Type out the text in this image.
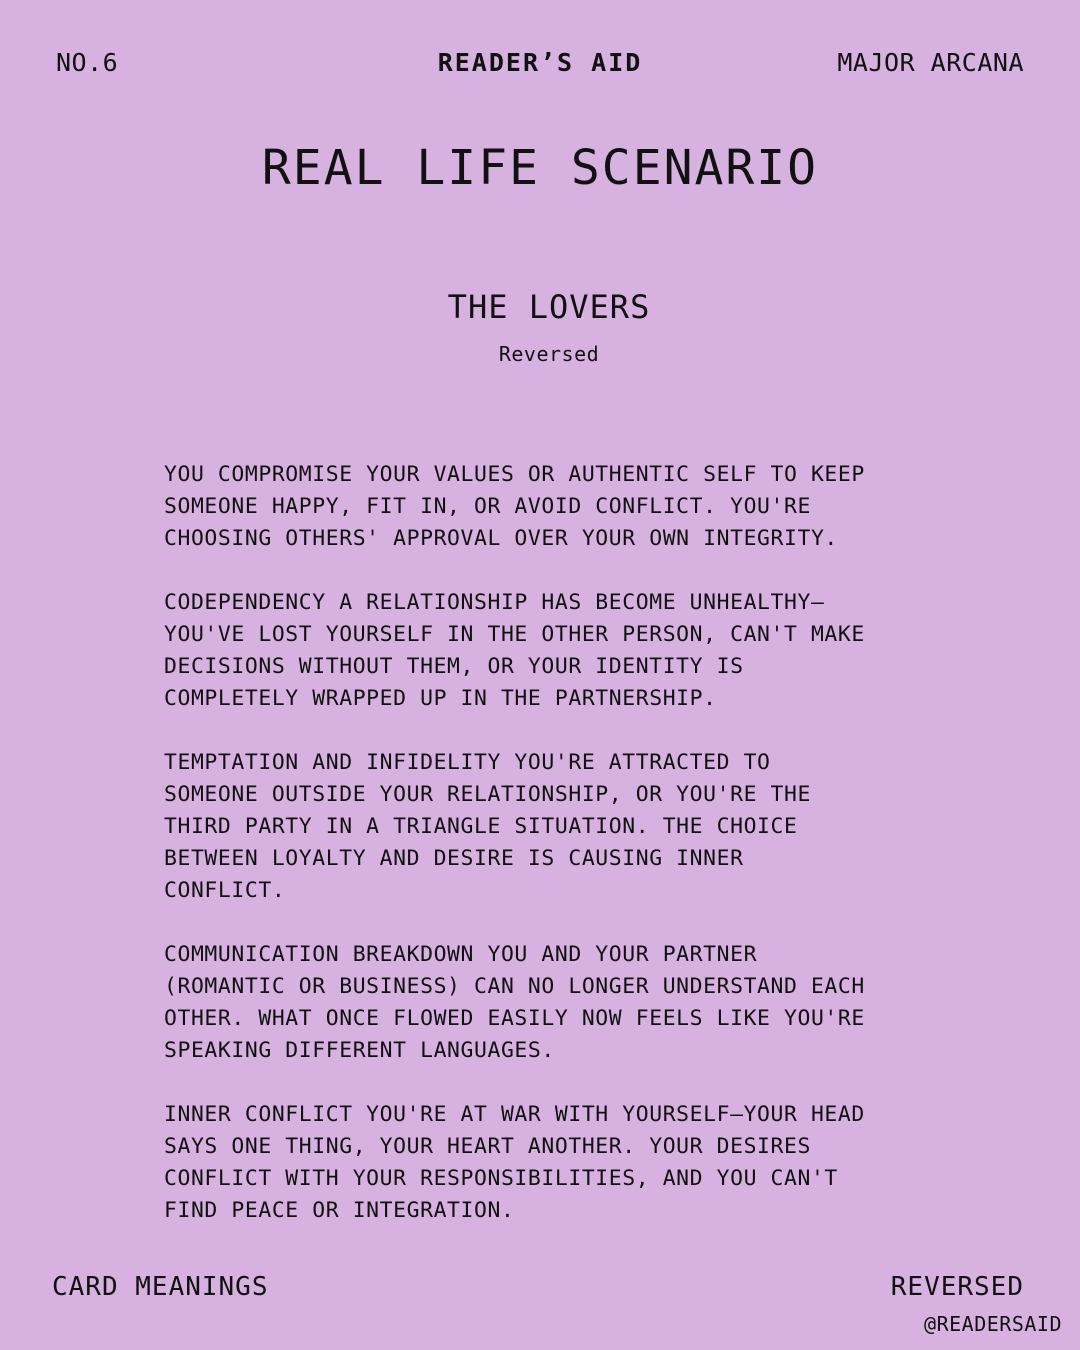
NO.6	READER’S AID	MAJOR ARCANA
REAL LIFE SCENARIO
THE LOVERS
Reversed
YOU COMPROMISE YOUR VALUES OR AUTHENTIC SELF TO KEEP
SOMEONE HAPPY, FIT IN, OR AVOID CONFLICT. YOU'RE
CHOOSING OTHERS' APPROVAL OVER YOUR OWN INTEGRITY.
CODEPENDENCY A RELATIONSHIP HAS BECOME UNHEALTHY—
YOU'VE LOST YOURSELF IN THE OTHER PERSON, CAN'T MAKE
DECISIONS WITHOUT THEM, OR YOUR IDENTITY IS
COMPLETELY WRAPPED UP IN THE PARTNERSHIP.
TEMPTATION AND INFIDELITY YOU'RE ATTRACTED TO
SOMEONE OUTSIDE YOUR RELATIONSHIP, OR YOU'RE THE
THIRD PARTY IN A TRIANGLE SITUATION. THE CHOICE
BETWEEN LOYALTY AND DESIRE IS CAUSING INNER
CONFLICT.
COMMUNICATION BREAKDOWN YOU AND YOUR PARTNER
(ROMANTIC OR BUSINESS) CAN NO LONGER UNDERSTAND EACH
OTHER. WHAT ONCE FLOWED EASILY NOW FEELS LIKE YOU'RE
SPEAKING DIFFERENT LANGUAGES.
INNER CONFLICT YOU'RE AT WAR WITH YOURSELF—YOUR HEAD
SAYS ONE THING, YOUR HEART ANOTHER. YOUR DESIRES
CONFLICT WITH YOUR RESPONSIBILITIES, AND YOU CAN'T
FIND PEACE OR INTEGRATION.
CARD MEANINGS	REVERSED
@READERSAID
